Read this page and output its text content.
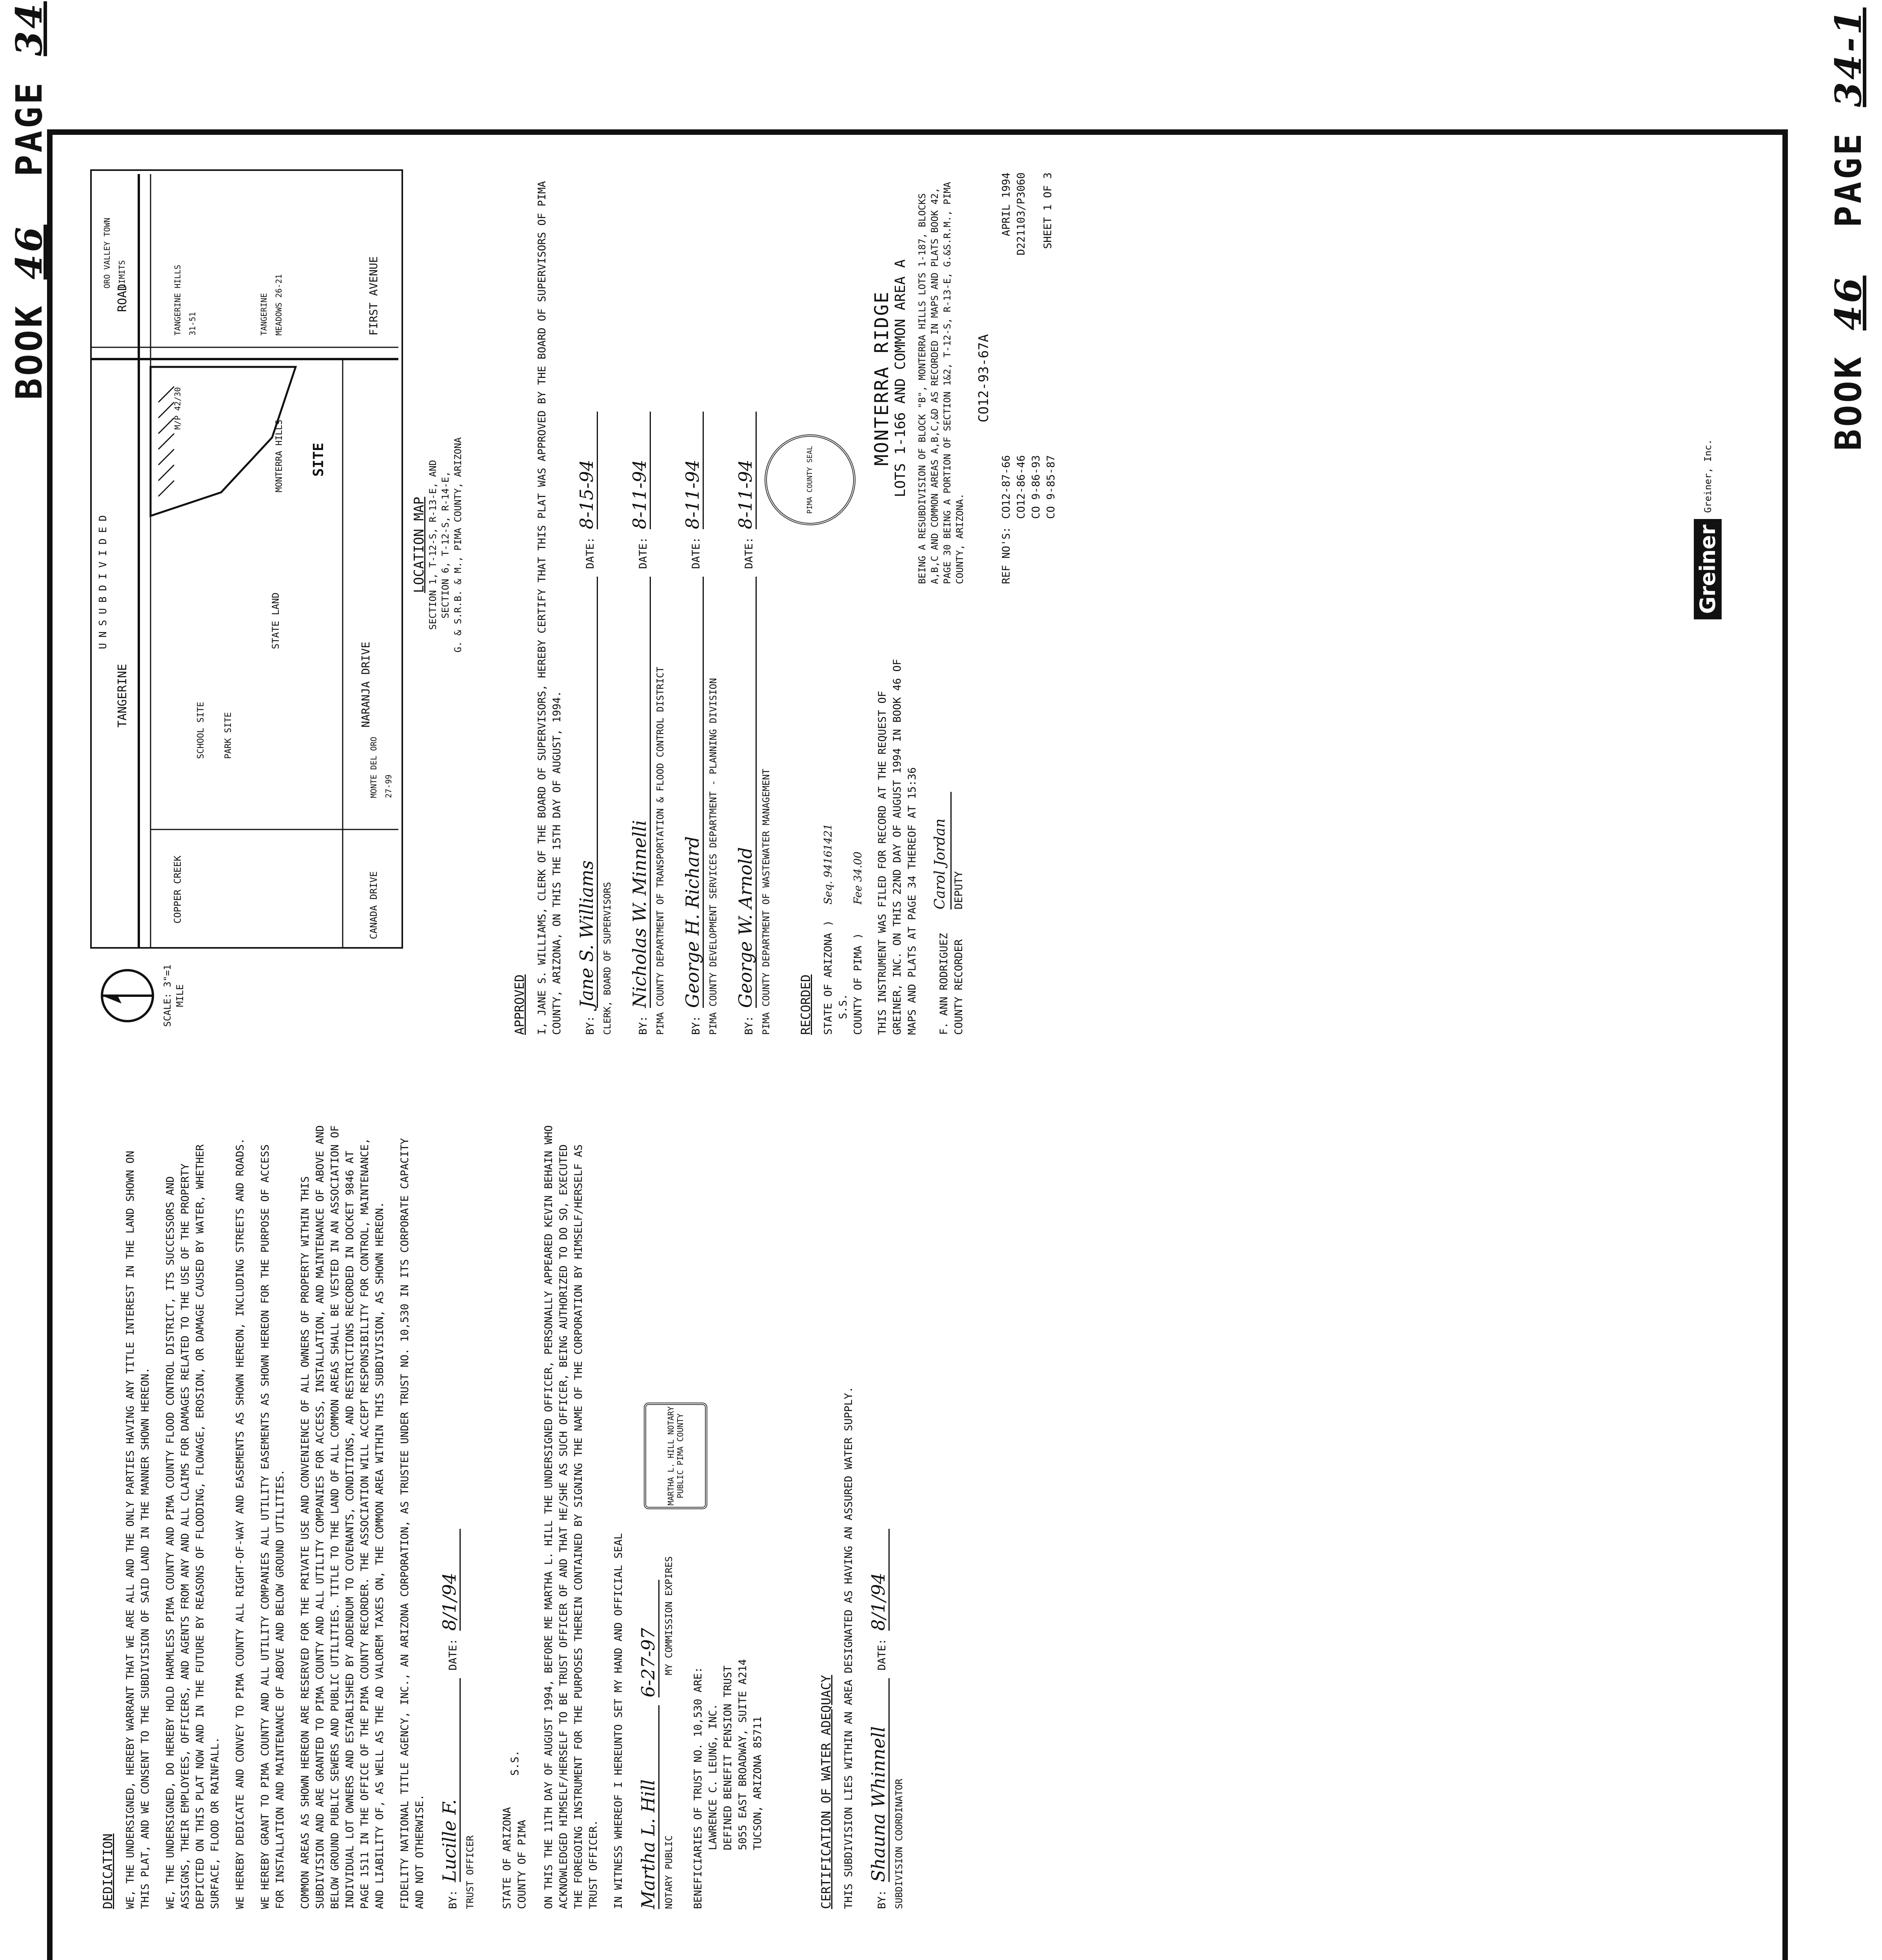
BOOK 46  PAGE 34
BOOK 46  PAGE 34-1
1.
2.
3.
4.
5.
1.
2.

DEDICATION WE, THE UNDERSIGNED, HEREBY WARRANT THAT WE ARE ALL AND THE ONLY PARTIES HAVING ANY TITLE INTEREST IN THE LAND SHOWN ON THIS PLAT, AND WE CONSENT TO THE SUBDIVISION OF SAID LAND IN THE MANNER SHOWN HEREON. WE, THE UNDERSIGNED, DO HEREBY HOLD HARMLESS PIMA COUNTY AND PIMA COUNTY FLOOD CONTROL DISTRICT, ITS SUCCESSORS AND ASSIGNS, THEIR EMPLOYEES, OFFICERS, AND AGENTS FROM ANY AND ALL CLAIMS FOR DAMAGES RELATED TO THE USE OF THE PROPERTY DEPICTED ON THIS PLAT NOW AND IN THE FUTURE BY REASONS OF FLOODING, FLOWAGE, EROSION, OR DAMAGE CAUSED BY WATER, WHETHER SURFACE, FLOOD OR RAINFALL. WE HEREBY DEDICATE AND CONVEY TO PIMA COUNTY ALL RIGHT-OF-WAY AND EASEMENTS AS SHOWN HEREON, INCLUDING STREETS AND ROADS. WE HEREBY GRANT TO PIMA COUNTY AND ALL UTILITY COMPANIES ALL UTILITY EASEMENTS AS SHOWN HEREON FOR THE PURPOSE OF ACCESS FOR INSTALLATION AND MAINTENANCE OF ABOVE AND BELOW GROUND UTILITIES. COMMON AREAS AS SHOWN HEREON ARE RESERVED FOR THE PRIVATE USE AND CONVENIENCE OF ALL OWNERS OF PROPERTY WITHIN THIS SUBDIVISION AND ARE GRANTED TO PIMA COUNTY AND ALL UTILITY COMPANIES FOR ACCESS, INSTALLATION, AND MAINTENANCE OF ABOVE AND BELOW GROUND PUBLIC SEWERS AND PUBLIC UTILITIES. TITLE TO THE LAND OF ALL COMMON AREAS SHALL BE VESTED IN AN ASSOCIATION OF INDIVIDUAL LOT OWNERS AND ESTABLISHED BY ADDENDUM TO COVENANTS, CONDITIONS, AND RESTRICTIONS RECORDED IN DOCKET 9846 AT PAGE 1511 IN THE OFFICE OF THE PIMA COUNTY RECORDER. THE ASSOCIATION WILL ACCEPT RESPONSIBILITY FOR CONTROL, MAINTENANCE, AND LIABILITY OF, AS WELL AS THE AD VALOREM TAXES ON, THE COMMON AREA WITHIN THIS SUBDIVISION, AS SHOWN HEREON. FIDELITY NATIONAL TITLE AGENCY, INC., AN ARIZONA CORPORATION, AS TRUSTEE UNDER TRUST NO. 10,530 IN ITS CORPORATE CAPACITY AND NOT OTHERWISE. BY:
Lucille F.
DATE:
8/1/94
TRUST OFFICER STATE OF ARIZONA COUNTY OF PIMA
S.S.	ON THIS THE 11TH DAY OF AUGUST 1994, BEFORE ME MARTHA L. HILL THE UNDERSIGNED OFFICER, PERSONALLY APPEARED KEVIN BEHAIN WHO ACKNOWLEDGED HIMSELF/HERSELF TO BE TRUST OFFICER OF AND THAT HE/SHE AS SUCH OFFICER, BEING AUTHORIZED TO DO SO, EXECUTED THE FOREGOING INSTRUMENT FOR THE PURPOSES THEREIN CONTAINED BY SIGNING THE NAME OF THE CORPORATION BY HIMSELF/HERSELF AS TRUST OFFICER. IN WITNESS WHEREOF I HEREUNTO SET MY HAND AND OFFICIAL SEAL Martha L. Hill
6-27-97
NOTARY PUBLIC
MY COMMISSION EXPIRES
BENEFICIARIES OF TRUST NO. 10,530 ARE: LAWRENCE C. LEUNG, INC. DEFINED BENEFIT PENSION TRUST 5055 EAST BROADWAY, SUITE A214 TUCSON, ARIZONA 85711
MARTHA L. HILL NOTARY PUBLIC PIMA COUNTY
CERTIFICATION OF WATER ADEQUACY THIS SUBDIVISION LIES WITHIN AN AREA DESIGNATED AS HAVING AN ASSURED WATER SUPPLY. BY:
Shauna Whinnell
DATE:
8/1/94
SUBDIVISION COORDINATOR
TANGERINE
ROAD
UNSUBDIVIDED
SITE
FIRST AVENUE
NARANJA DRIVE
COPPER CREEK
MONTERRA HILLS
CANADA DRIVE
SCHOOL SITE	PARK SITE
STATE LAND
ORO VALLEY TOWN LIMITS	TANGERINE HILLS 31-51	TANGERINE MEADOWS 26-21
MONTE DEL ORO 27-99
M/P 42/30
SCALE: 3"=1 MILE
LOCATION MAP SECTION 1, T-12-S, R-13-E, AND SECTION 6, T-12-S, R-14-E, G. & S.R.B. & M., PIMA COUNTY, ARIZONA
APPROVED I, JANE S. WILLIAMS, CLERK OF THE BOARD OF SUPERVISORS, HEREBY CERTIFY THAT THIS PLAT WAS APPROVED BY THE BOARD OF SUPERVISORS OF PIMA COUNTY, ARIZONA, ON THIS THE 15TH DAY OF AUGUST, 1994. BY:
Jane S. Williams
DATE:
8-15-94
CLERK, BOARD OF SUPERVISORS BY:
Nicholas W. Minnelli
DATE:
8-11-94
PIMA COUNTY DEPARTMENT OF TRANSPORTATION & FLOOD CONTROL DISTRICT BY:
George H. Richard
DATE:
8-11-94
PIMA COUNTY DEVELOPMENT SERVICES DEPARTMENT - PLANNING DIVISION BY:
George W. Arnold
DATE:
8-11-94
PIMA COUNTY DEPARTMENT OF WASTEWATER MANAGEMENT RECORDED STATE OF ARIZONA ) S.S. COUNTY OF PIMA )
Seq. 94161421	Fee 34.00 THIS INSTRUMENT WAS FILED FOR RECORD AT THE REQUEST OF GREINER, INC. ON THIS 22ND DAY OF AUGUST 1994 IN BOOK 46 OF MAPS AND PLATS AT PAGE 34 THEREOF AT 15:36 F. ANN RODRIGUEZ COUNTY RECORDER
Carol Jordan DEPUTY
PIMA COUNTY SEAL
MONTERRA RIDGE LOTS 1-166 AND COMMON AREA A BEING A RESUBDIVISION OF BLOCK "B", MONTERRA HILLS LOTS 1-187, BLOCKS A,B,C AND COMMON AREAS A,B,C,&D AS RECORDED IN MAPS AND PLATS BOOK 42, PAGE 30 BEING A PORTION OF SECTION 1&2, T-12-S, R-13-E, G.&S.R.M., PIMA COUNTY, ARIZONA.

CO12-93-67A
REF NO'S:
CO12-87-66 CO12-86-46 CO 9-86-93 CO 9-85-87
APRIL 1994 D221103/P3060 SHEET 1 OF 3
Greiner
Greiner, Inc.
